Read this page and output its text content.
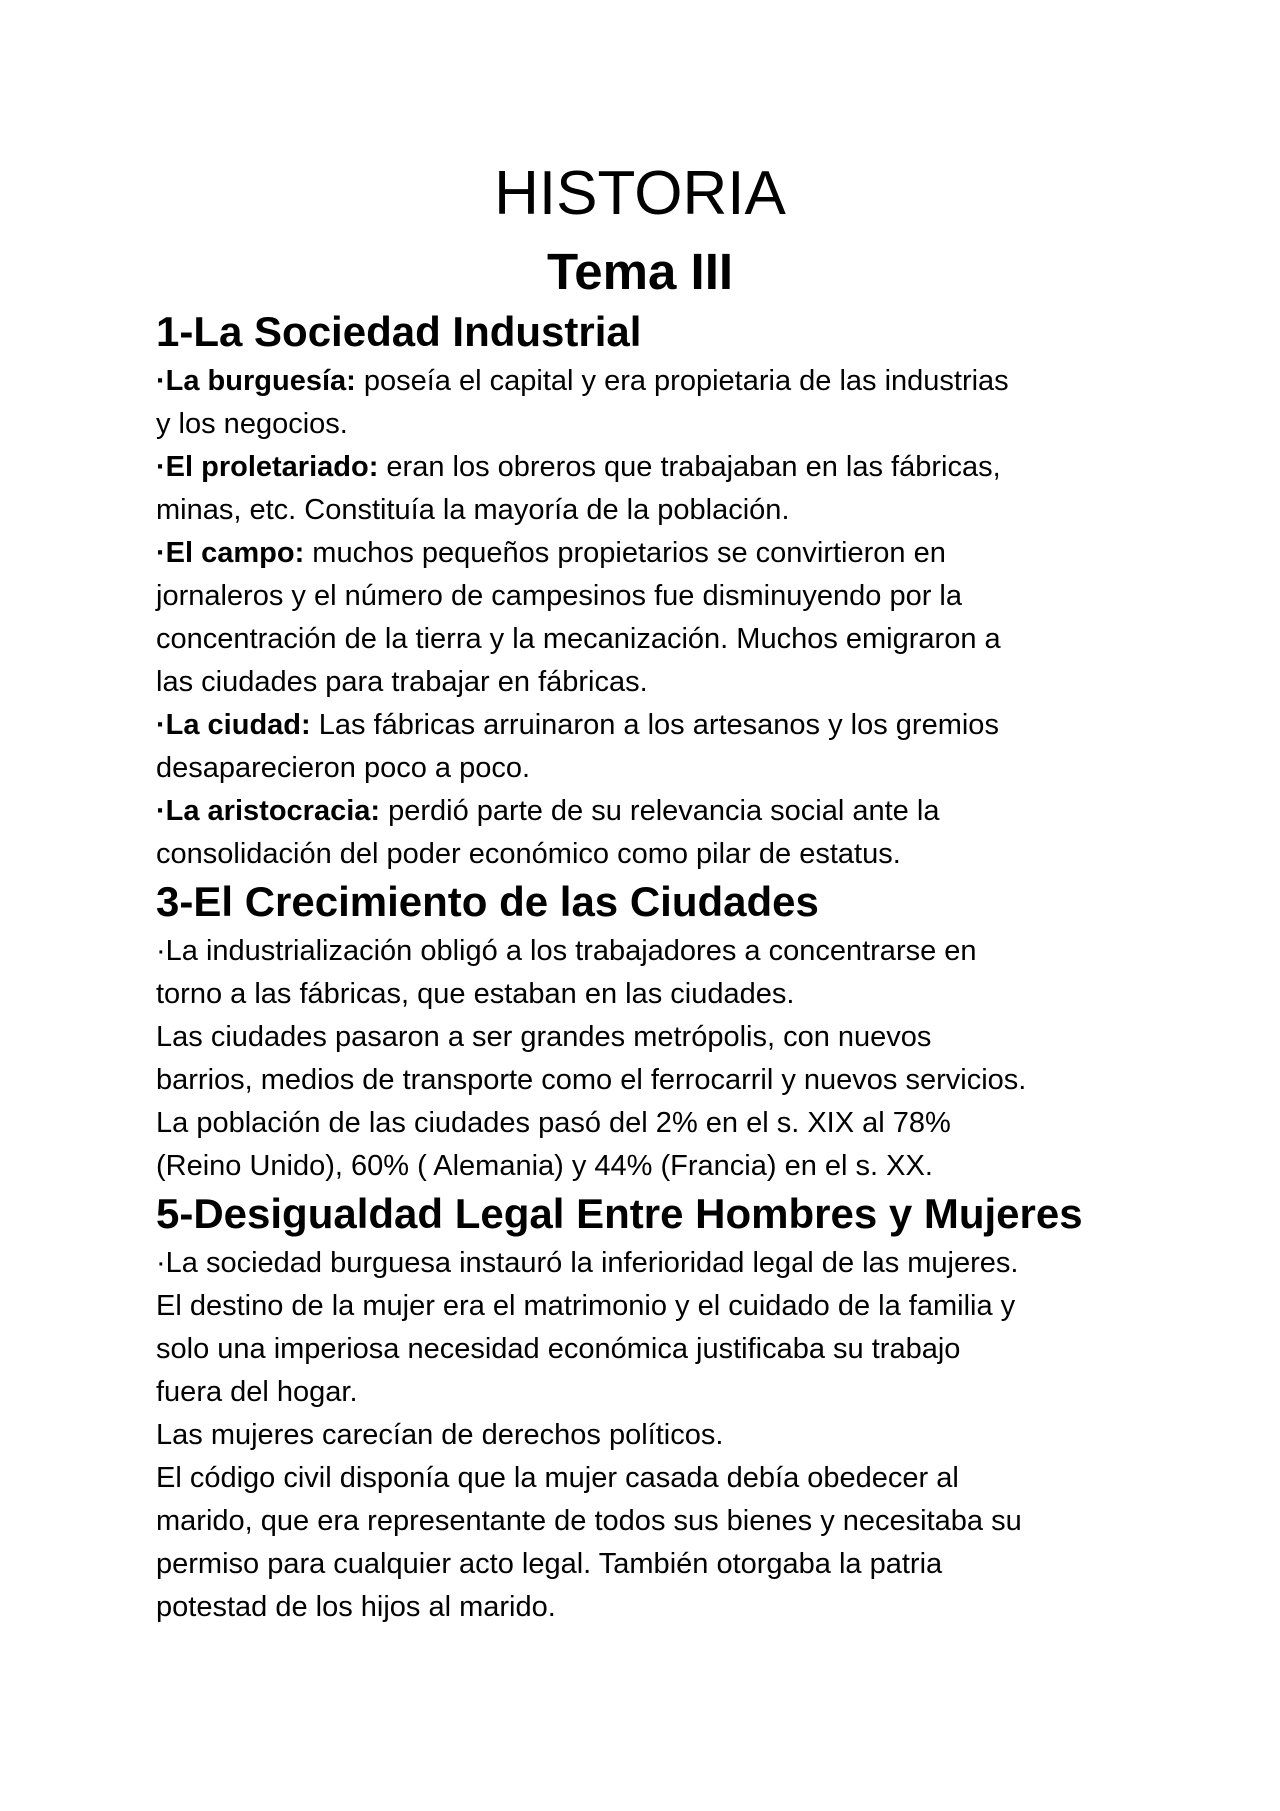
HISTORIA
Tema III
1-La Sociedad Industrial

·La burguesía: poseía el capital y era propietaria de las industrias
y los negocios.

·El proletariado: eran los obreros que trabajaban en las fábricas,
minas, etc. Constituía la mayoría de la población.

·El campo: muchos pequeños propietarios se convirtieron en
jornaleros y el número de campesinos fue disminuyendo por la
concentración de la tierra y la mecanización. Muchos emigraron a
las ciudades para trabajar en fábricas.

·La ciudad: Las fábricas arruinaron a los artesanos y los gremios
desaparecieron poco a poco.

·La aristocracia: perdió parte de su relevancia social ante la
consolidación del poder económico como pilar de estatus.

3-El Crecimiento de las Ciudades

·La industrialización obligó a los trabajadores a concentrarse en
torno a las fábricas, que estaban en las ciudades.

Las ciudades pasaron a ser grandes metrópolis, con nuevos
barrios, medios de transporte como el ferrocarril y nuevos servicios.

La población de las ciudades pasó del 2% en el s. XIX al 78%
(Reino Unido), 60% ( Alemania) y 44% (Francia) en el s. XX.

5-Desigualdad Legal Entre Hombres y Mujeres

·La sociedad burguesa instauró la inferioridad legal de las mujeres.

El destino de la mujer era el matrimonio y el cuidado de la familia y
solo una imperiosa necesidad económica justificaba su trabajo
fuera del hogar.

Las mujeres carecían de derechos políticos.

El código civil disponía que la mujer casada debía obedecer al
marido, que era representante de todos sus bienes y necesitaba su
permiso para cualquier acto legal. También otorgaba la patria
potestad de los hijos al marido.
